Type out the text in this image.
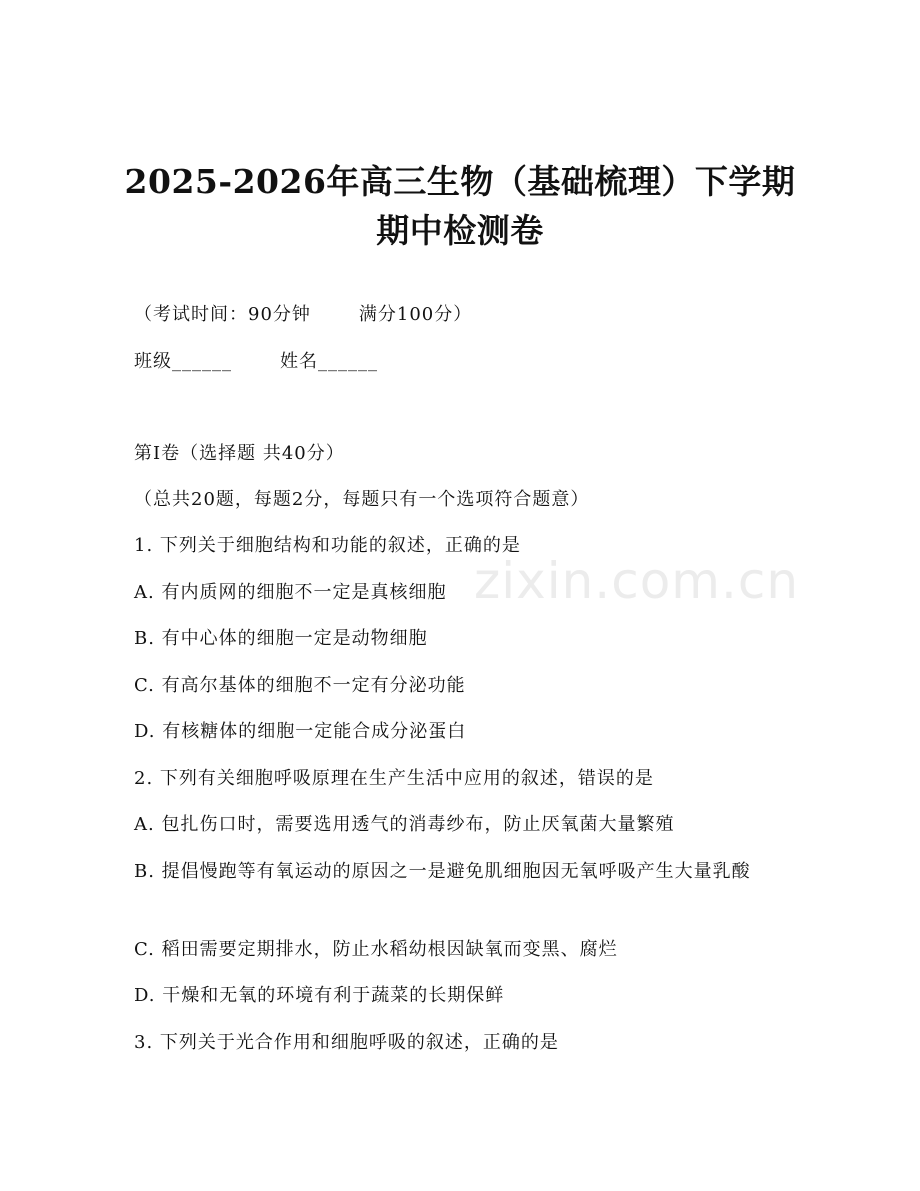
2025-2026年高三生物（基础梳理）下学期
期中检测卷
（考试时间：90分钟	满分100分）
班级______	姓名______
第Ⅰ卷（选择题 共40分）
（总共20题，每题2分，每题只有一个选项符合题意）
1. 下列关于细胞结构和功能的叙述，正确的是
A. 有内质网的细胞不一定是真核细胞
B. 有中心体的细胞一定是动物细胞
C. 有高尔基体的细胞不一定有分泌功能
D. 有核糖体的细胞一定能合成分泌蛋白
2. 下列有关细胞呼吸原理在生产生活中应用的叙述，错误的是
A. 包扎伤口时，需要选用透气的消毒纱布，防止厌氧菌大量繁殖
B. 提倡慢跑等有氧运动的原因之一是避免肌细胞因无氧呼吸产生大量乳酸
C. 稻田需要定期排水，防止水稻幼根因缺氧而变黑、腐烂
D. 干燥和无氧的环境有利于蔬菜的长期保鲜
3. 下列关于光合作用和细胞呼吸的叙述，正确的是
zixin.com.cn
